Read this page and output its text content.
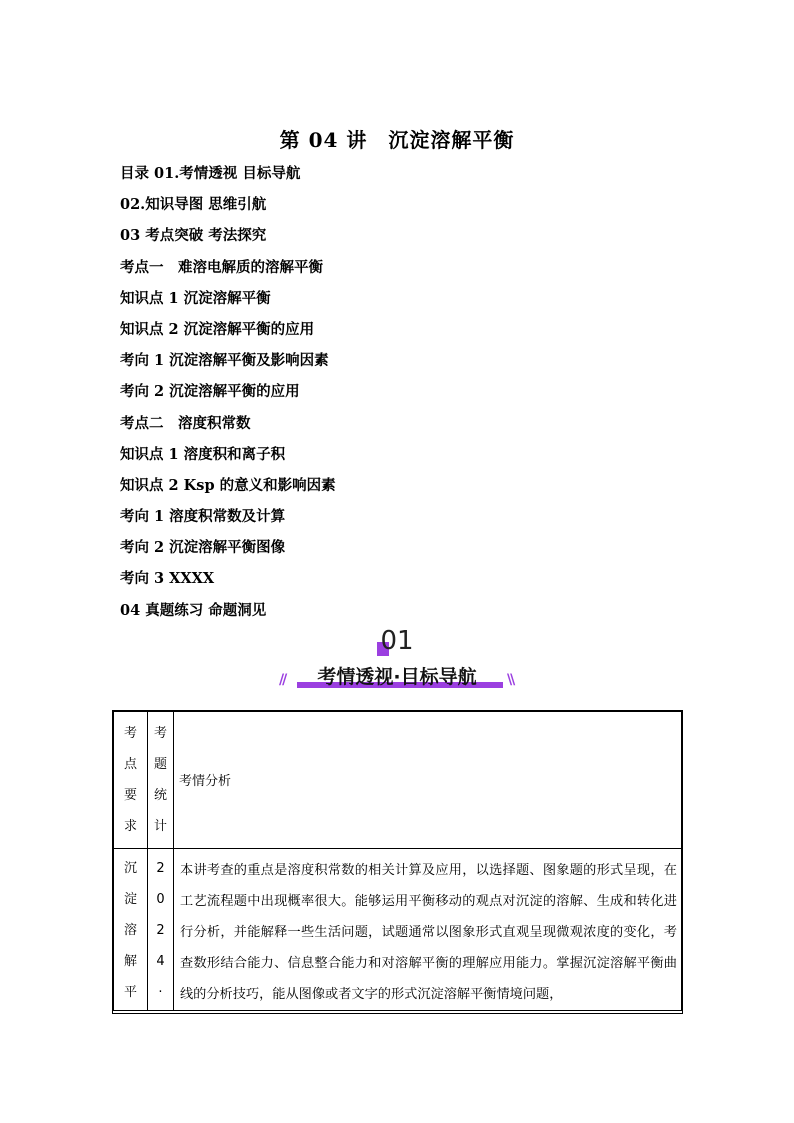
第 04 讲　沉淀溶解平衡
目录 01.考情透视 目标导航
02.知识导图 思维引航
03 考点突破 考法探究
考点一　难溶电解质的溶解平衡
知识点 1 沉淀溶解平衡
知识点 2 沉淀溶解平衡的应用
考向 1 沉淀溶解平衡及影响因素
考向 2 沉淀溶解平衡的应用
考点二　溶度积常数
知识点 1 溶度积和离子积
知识点 2 Ksp 的意义和影响因素
考向 1 溶度积常数及计算
考向 2 沉淀溶解平衡图像
考向 3 XXXX
04 真题练习 命题洞见
01
//	考情透视·目标导航	\\
考
点
要
求	考
题
统
计	考情分析

沉
淀
溶
解
平	2
0
2
4
·	本讲考查的重点是溶度积常数的相关计算及应用，以选择题、图象题的形式呈现，在工艺流程题中出现概率很大。能够运用平衡移动的观点对沉淀的溶解、生成和转化进行分析，并能解释一些生活问题，试题通常以图象形式直观呈现微观浓度的变化，考查数形结合能力、信息整合能力和对溶解平衡的理解应用能力。掌握沉淀溶解平衡曲线的分析技巧，能从图像或者文字的形式沉淀溶解平衡情境问题，
